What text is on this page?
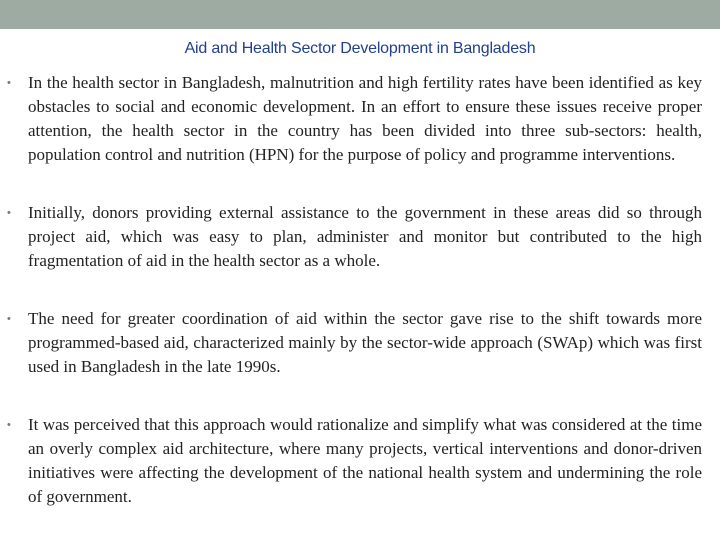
Aid and Health Sector Development in Bangladesh
• In the health sector in Bangladesh, malnutrition and high fertility rates have been identified as key obstacles to social and economic development. In an effort to ensure these issues receive proper attention, the health sector in the country has been divided into three sub-sectors: health, population control and nutrition (HPN) for the purpose of policy and programme interventions.
• Initially, donors providing external assistance to the government in these areas did so through project aid, which was easy to plan, administer and monitor but contributed to the high fragmentation of aid in the health sector as a whole.
• The need for greater coordination of aid within the sector gave rise to the shift towards more programmed-based aid, characterized mainly by the sector-wide approach (SWAp) which was first used in Bangladesh in the late 1990s.
• It was perceived that this approach would rationalize and simplify what was considered at the time an overly complex aid architecture, where many projects, vertical interventions and donor-driven initiatives were affecting the development of the national health system and undermining the role of government.
